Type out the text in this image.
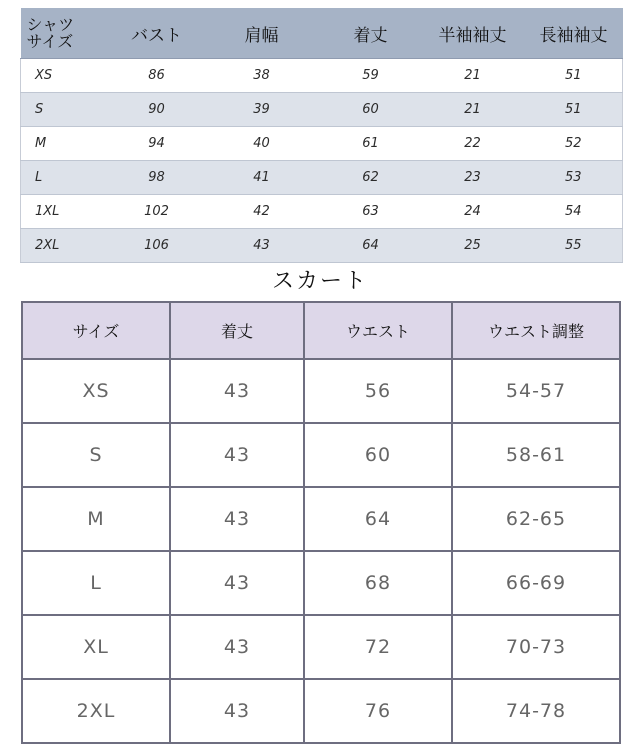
シャツ
サイズ	バスト	肩幅	着丈	半袖袖丈	長袖袖丈
XS	86	38	59	21	51
S	90	39	60	21	51
M	94	40	61	22	52
L	98	41	62	23	53
1XL	102	42	63	24	54
2XL	106	43	64	25	55
スカート
サイズ	着丈	ウエスト	ウエスト調整
XS	43	56	54-57
S	43	60	58-61
M	43	64	62-65
L	43	68	66-69
XL	43	72	70-73
2XL	43	76	74-78
